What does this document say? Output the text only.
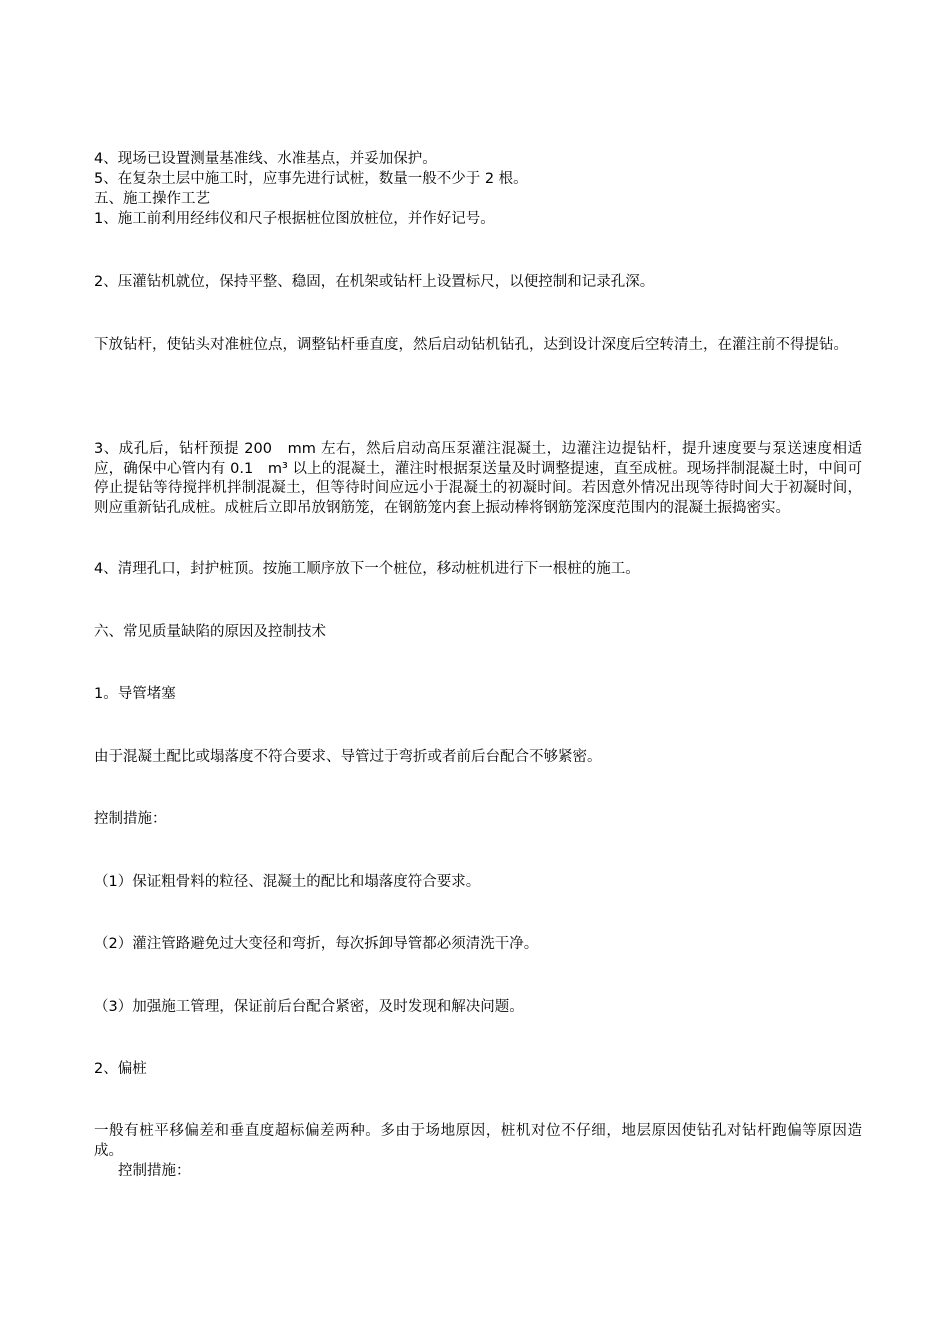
4、现场已设置测量基准线、水准基点，并妥加保护。
5、在复杂土层中施工时，应事先进行试桩，数量一般不少于 2 根。
五、施工操作工艺
1、施工前利用经纬仪和尺子根据桩位图放桩位，并作好记号。
2、压灌钻机就位，保持平整、稳固，在机架或钻杆上设置标尺，以便控制和记录孔深。
下放钻杆，使钻头对准桩位点，调整钻杆垂直度，然后启动钻机钻孔，达到设计深度后空转清土，在灌注前不得提钻。
3、成孔后，钻杆预提 200　mm 左右，然后启动高压泵灌注混凝土，边灌注边提钻杆，提升速度要与泵送速度相适应，确保中心管内有 0.1　m³ 以上的混凝土，灌注时根据泵送量及时调整提速，直至成桩。现场拌制混凝土时，中间可停止提钻等待搅拌机拌制混凝土，但等待时间应远小于混凝土的初凝时间。若因意外情况出现等待时间大于初凝时间，则应重新钻孔成桩。成桩后立即吊放钢筋笼，在钢筋笼内套上振动棒将钢筋笼深度范围内的混凝土振捣密实。
4、清理孔口，封护桩顶。按施工顺序放下一个桩位，移动桩机进行下一根桩的施工。
六、常见质量缺陷的原因及控制技术
1。导管堵塞
由于混凝土配比或塌落度不符合要求、导管过于弯折或者前后台配合不够紧密。
控制措施：
（1）保证粗骨料的粒径、混凝土的配比和塌落度符合要求。
（2）灌注管路避免过大变径和弯折，每次拆卸导管都必须清洗干净。
（3）加强施工管理，保证前后台配合紧密，及时发现和解决问题。
2、偏桩
一般有桩平移偏差和垂直度超标偏差两种。多由于场地原因，桩机对位不仔细，地层原因使钻孔对钻杆跑偏等原因造成。
控制措施：
